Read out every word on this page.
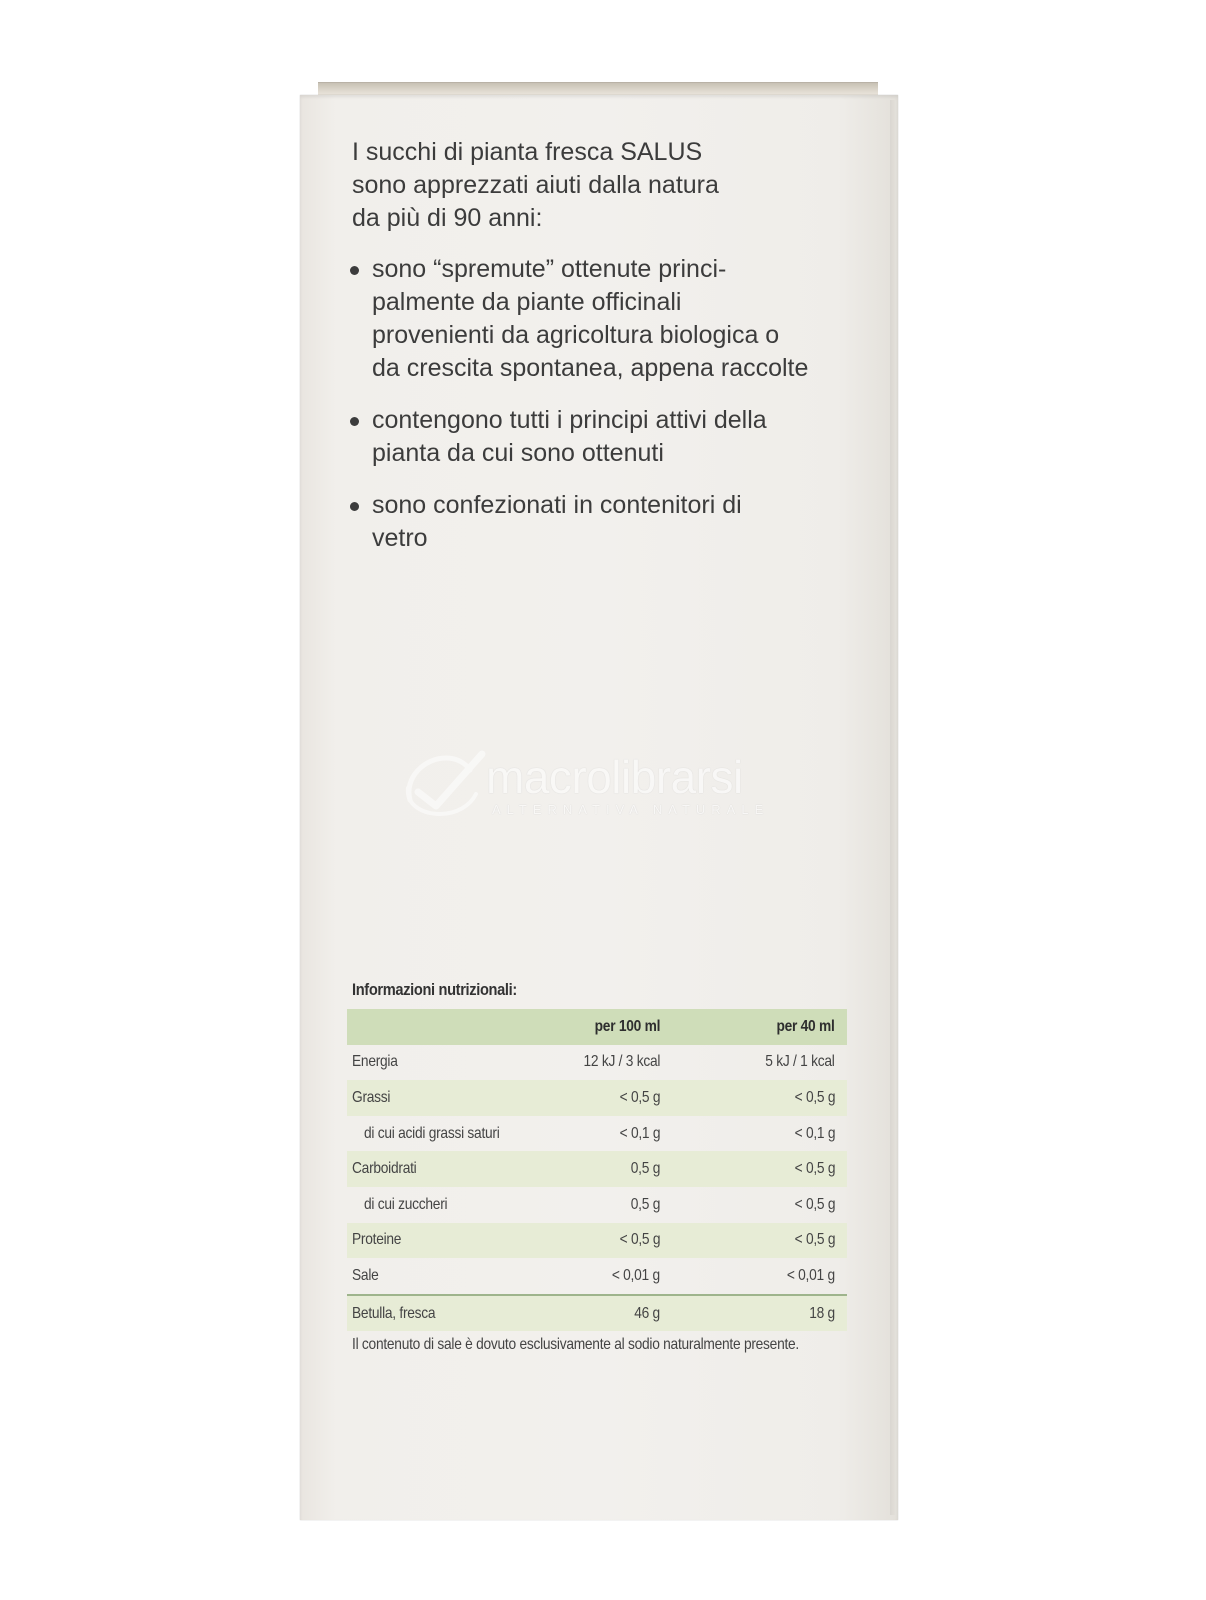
I succhi di pianta fresca SALUS
sono apprezzati aiuti dalla natura
da più di 90 anni:

sono “spremute” ottenute princi-
palmente da piante officinali
provenienti da agricoltura biologica o
da crescita spontanea, appena raccolte
contengono tutti i principi attivi della
pianta da cui sono ottenuti
sono confezionati in contenitori di
vetro
macrolibrarsi
ALTERNATIVA NATURALE

Informazioni nutrizionali:

	per 100 ml	per 40 ml
Energia	12 kJ / 3 kcal	5 kJ / 1 kcal
Grassi	< 0,5 g	< 0,5 g
di cui acidi grassi saturi	< 0,1 g	< 0,1 g
Carboidrati	0,5 g	< 0,5 g
di cui zuccheri	0,5 g	< 0,5 g
Proteine	< 0,5 g	< 0,5 g
Sale	< 0,01 g	< 0,01 g
Betulla, fresca	46 g	18 g

Il contenuto di sale è dovuto esclusivamente al sodio naturalmente presente.
